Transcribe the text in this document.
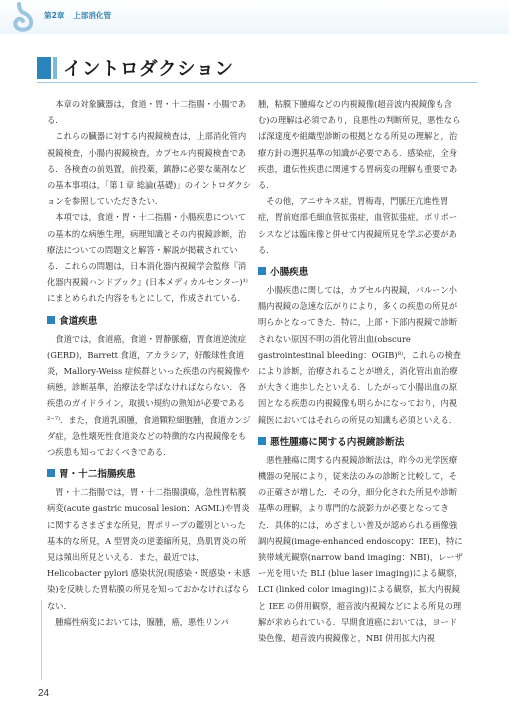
第2章 上部消化管
イントロダクション

本章の対象臓器は，食道・胃・十二指腸・小腸である．

これらの臓器に対する内視鏡検査は，上部消化管内視鏡検査，小腸内視鏡検査，カプセル内視鏡検査である．各検査の前処置，前投薬，鎮静に必要な薬剤などの基本事項は，「第１章 総論(基礎)」のイントロダクションを参照していただきたい．

本項では，食道・胃・十二指腸・小腸疾患についての基本的な病態生理，病理知識とその内視鏡診断，治療法についての問題文と解答・解説が掲載されている．これらの問題は，日本消化器内視鏡学会監修『消化器内視鏡ハンドブック』(日本メディカルセンター)¹⁾にまとめられた内容をもとにして，作成されている．

食道疾患

食道では，食道癌，食道・胃静脈瘤，胃食道逆流症(GERD)，Barrett 食道，アカラシア，好酸球性食道炎，Mallory-Weiss 症候群といった疾患の内視鏡像や病態，診断基準，治療法を学ばなければならない．各疾患のガイドライン，取扱い規約の熟知が必要である²⁻⁷⁾．また，食道乳頭腫，食道顆粒細胞腫，食道カンジダ症，急性壊死性食道炎などの特徴的な内視鏡像をもつ疾患も知っておくべきである．

胃・十二指腸疾患

胃・十二指腸では，胃・十二指腸潰瘍，急性胃粘膜病変(acute gastric mucosal lesion：AGML)や胃炎に関するさまざまな所見，胃ポリープの鑑別といった基本的な所見，A 型胃炎の逆萎縮所見，鳥肌胃炎の所見は頻出所見といえる．また，最近では，Helicobacter pylori 感染状況(現感染・既感染・未感染)を反映した胃粘膜の所見を知っておかなければならない．

腫瘍性病変においては，腺腫，癌，悪性リンパ

腫，粘膜下腫瘍などの内視鏡像(超音波内視鏡像も含む)の理解は必須であり，良悪性の判断所見，悪性ならば深達度や組織型診断の根拠となる所見の理解と，治療方針の選択基準の知識が必要である．感染症，全身疾患，遺伝性疾患に関連する胃病変の理解も重要である．

その他，アニサキス症，胃梅毒，門脈圧亢進性胃症，胃前庭部毛細血管拡張症，血管拡張症，ポリポーシスなどは臨床像と併せて内視鏡所見を学ぶ必要がある．

小腸疾患

小腸疾患に関しては，カプセル内視鏡，バルーン小腸内視鏡の急速な広がりにより，多くの疾患の所見が明らかとなってきた．特に，上部・下部内視鏡で診断されない原因不明の消化管出血(obscure gastrointestinal bleeding：OGIB)⁸⁾，これらの検査により診断，治療されることが増え，消化管出血治療が大きく進歩したといえる．したがって小腸出血の原因となる疾患の内視鏡像も明らかになっており，内視鏡医においてはそれらの所見の知識も必須といえる．

悪性腫瘍に関する内視鏡診断法

悪性腫瘍に関する内視鏡診断法は，昨今の光学医療機器の発展により，従来法のみの診断と比較して，その正確さが増した．その分，細分化された所見や診断基準の理解，より専門的な読影力が必要となってきた．具体的には，めざましい普及が認められる画像強調内視鏡(image-enhanced endoscopy：IEE)，特に狭帯域光観察(narrow band imaging：NBI)，レーザー光を用いた BLI (blue laser imaging)による観察，LCI (linked color imaging)による観察，拡大内視鏡と IEE の併用観察，超音波内視鏡などによる所見の理解が求められている．早期食道癌においては，ヨード染色像，超音波内視鏡像と，NBI 併用拡大内視

24
